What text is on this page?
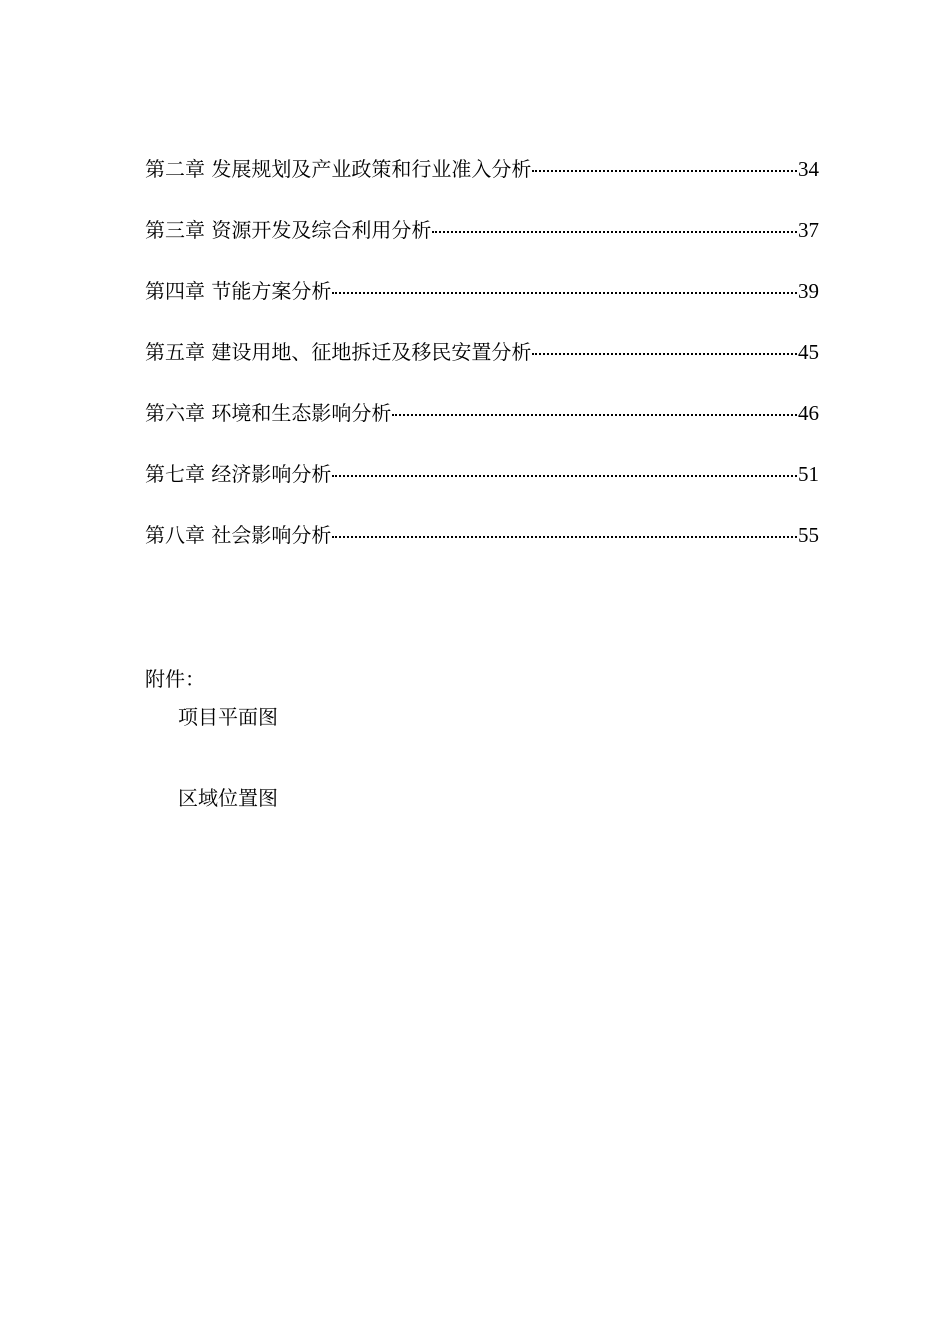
第二章 发展规划及产业政策和行业准入分析	34
第三章 资源开发及综合利用分析	37
第四章 节能方案分析	39
第五章 建设用地、征地拆迁及移民安置分析	45
第六章 环境和生态影响分析	46
第七章 经济影响分析	51
第八章 社会影响分析	55
附件：
项目平面图
区域位置图
